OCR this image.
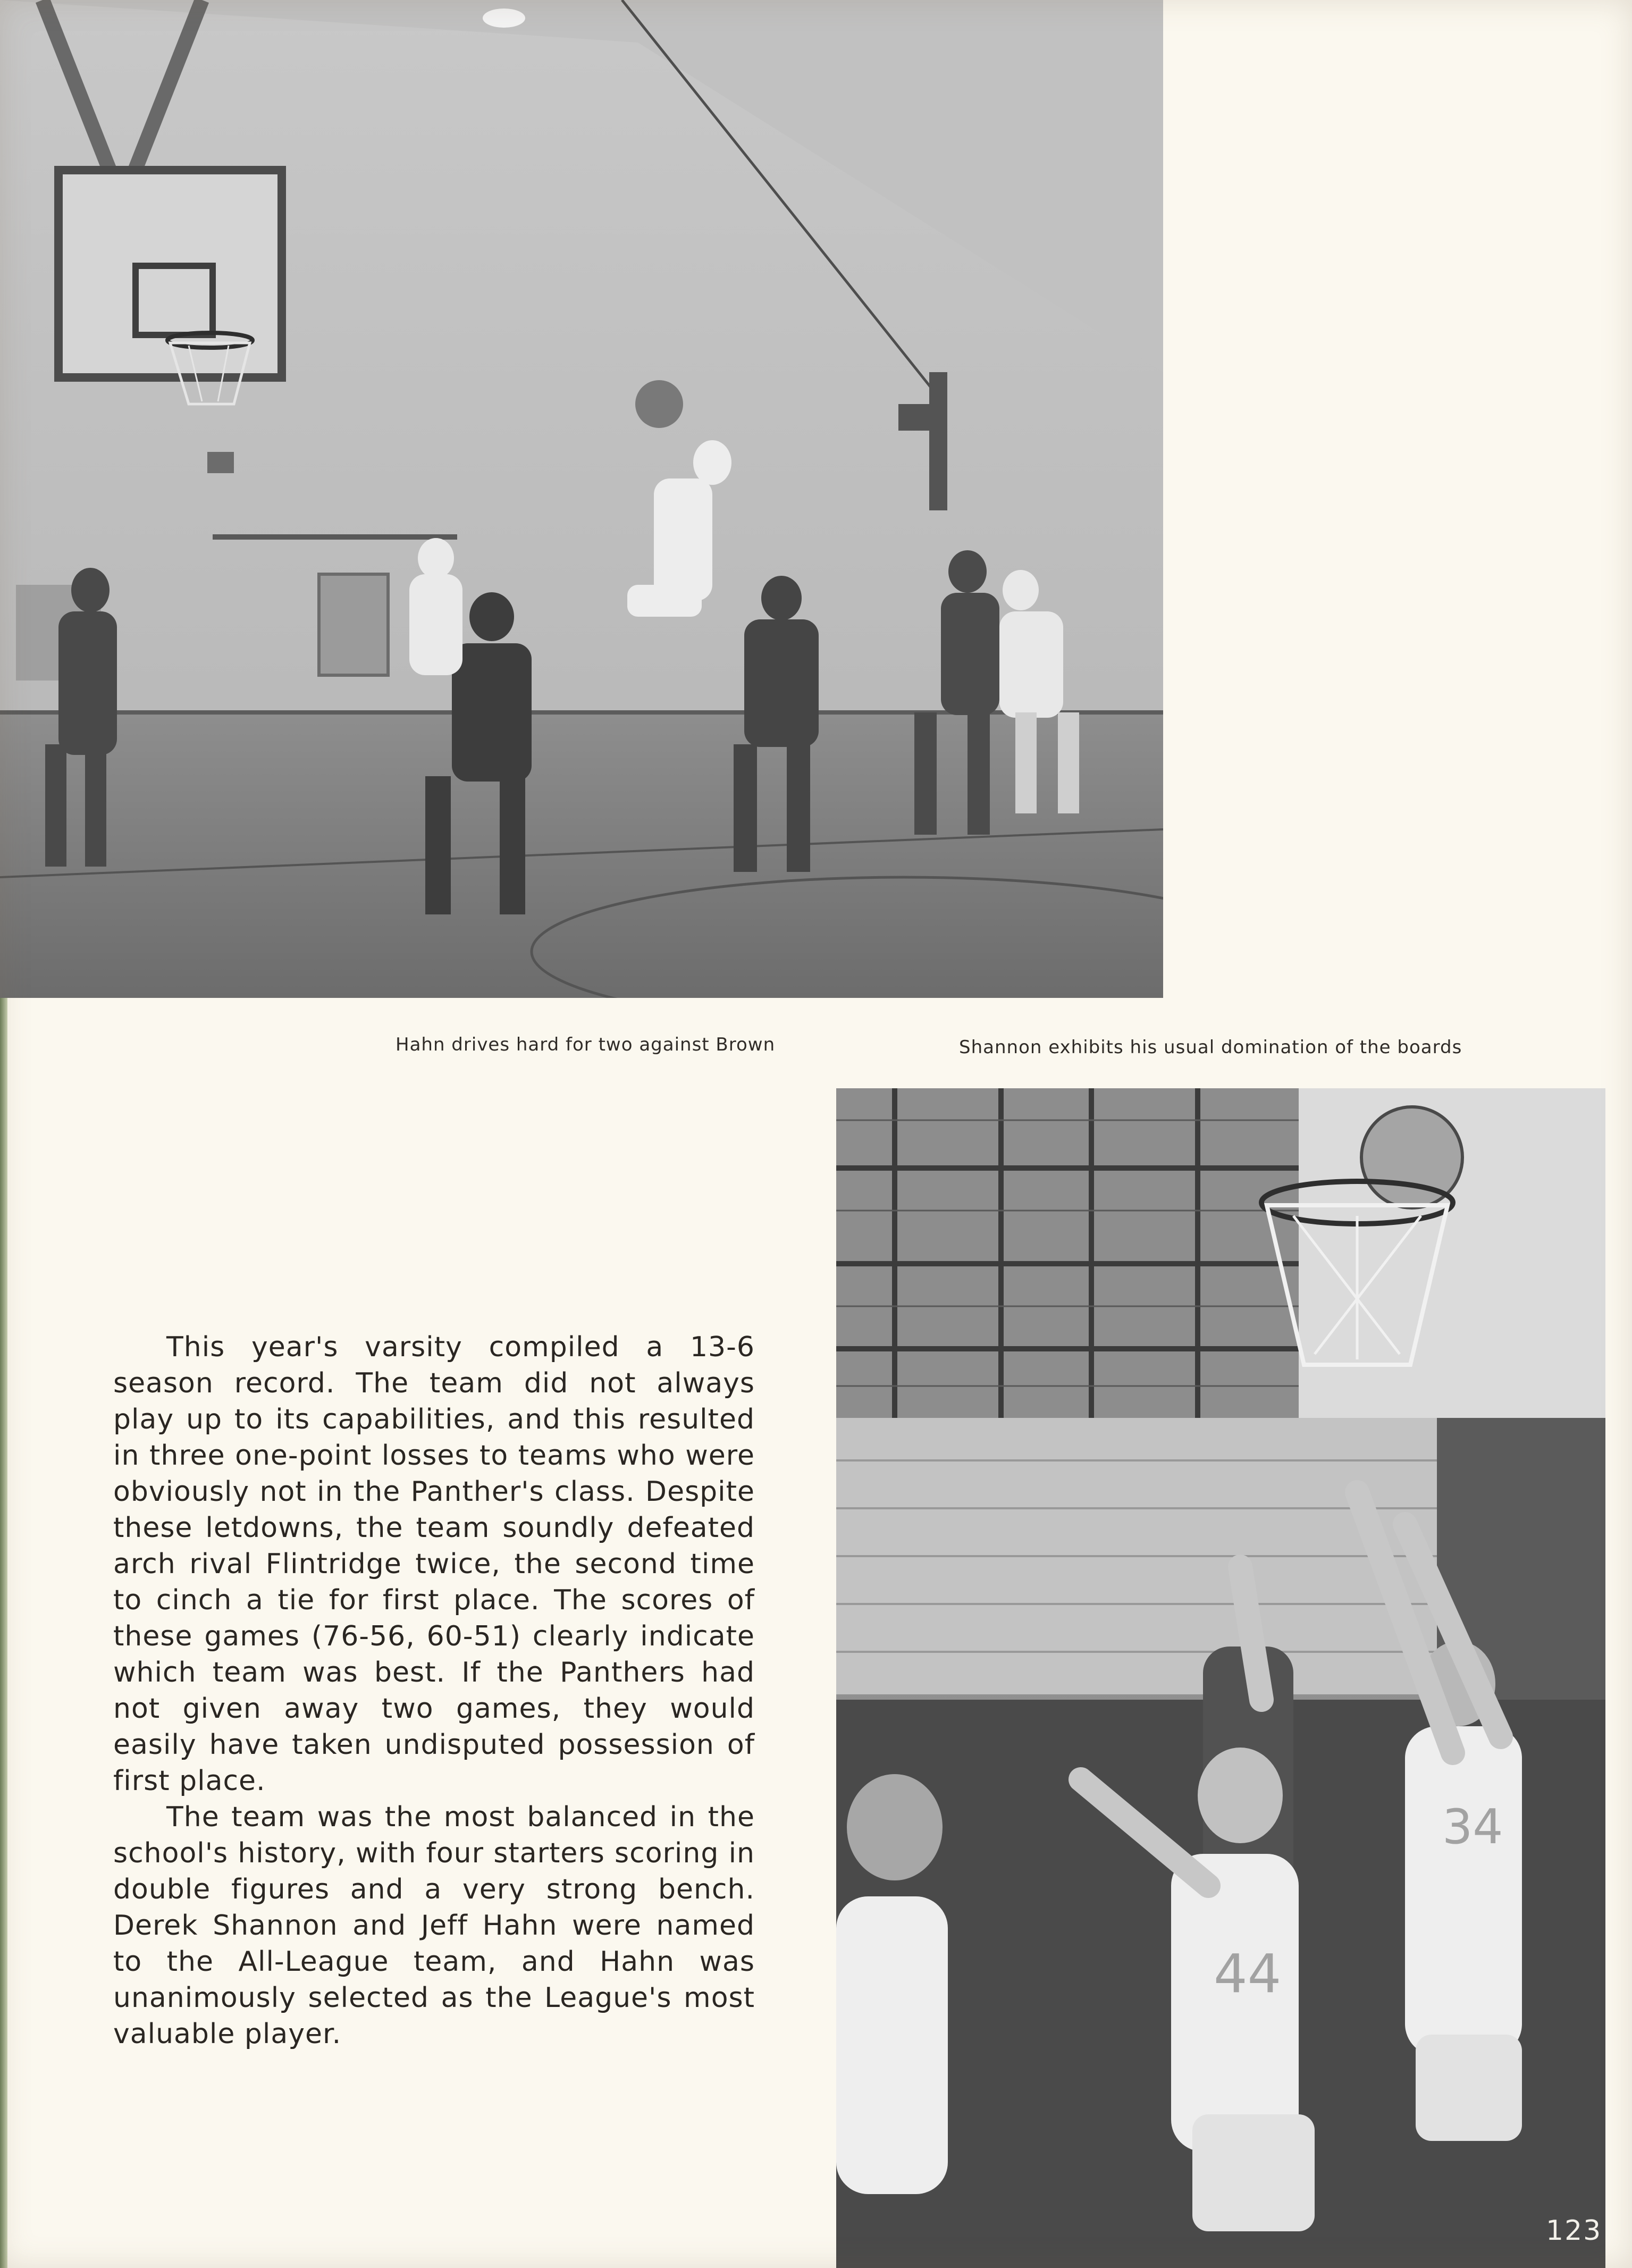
Hahn drives hard for two against Brown	Shannon exhibits his usual domination of the boards

This year's varsity compiled a 13-6 season record. The team did not always play up to its capabilities, and this resulted in three one-point losses to teams who were obviously not in the Panther's class. Despite these letdowns, the team soundly defeated arch rival Flintridge twice, the second time to cinch a tie for first place. The scores of these games (76-56, 60-51) clearly indicate which team was best. If the Panthers had not given away two games, they would easily have taken undisputed possession of first place.

The team was the most balanced in the school's history, with four starters scoring in double figures and a very strong bench. Derek Shannon and Jeff Hahn were named to the All-League team, and Hahn was unanimously selected as the League's most valuable player.

34
44
123
